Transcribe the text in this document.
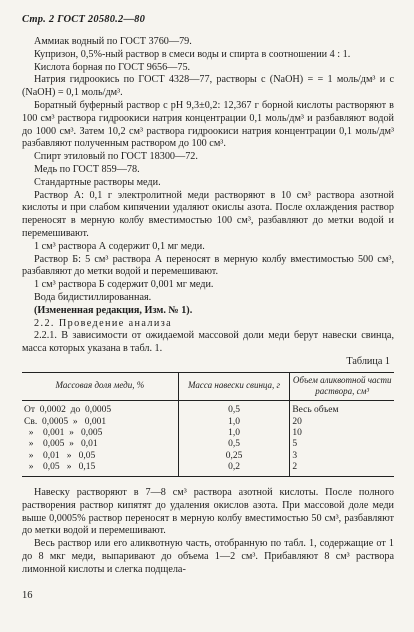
Стр. 2 ГОСТ 20580.2—80

Аммиак водный по ГОСТ 3760—79.

Купризон, 0,5%-ный раствор в смеси воды и спирта в соотношении 4 : 1.

Кислота борная по ГОСТ 9656—75.

Натрия гидроокись по ГОСТ 4328—77, растворы с (NaOH) = = 1 моль/дм³ и с (NaOH) = 0,1 моль/дм³.

Боратный буферный раствор с pH 9,3±0,2: 12,367 г борной кислоты растворяют в 100 см³ раствора гидроокиси натрия концентрации 0,1 моль/дм³ и разбавляют водой до 1000 см³. Затем 10,2 см³ раствора гидроокиси натрия концентрации 0,1 моль/дм³ разбавляют полученным раствором до 100 см³.

Спирт этиловый по ГОСТ 18300—72.

Медь по ГОСТ 859—78.

Стандартные растворы меди.

Раствор А: 0,1 г электролитной меди растворяют в 10 см³ раствора азотной кислоты и при слабом кипячении удаляют окислы азота. После охлаждения раствор переносят в мерную колбу вместимостью 100 см³, разбавляют до метки водой и перемешивают.

1 см³ раствора А содержит 0,1 мг меди.

Раствор Б: 5 см³ раствора А переносят в мерную колбу вместимостью 500 см³, разбавляют до метки водой и перемешивают.

1 см³ раствора Б содержит 0,001 мг меди.

Вода бидистиллированная.

(Измененная редакция, Изм. № 1).

2.2. Проведение анализа

2.2.1. В зависимости от ожидаемой массовой доли меди берут навески свинца, масса которых указана в табл. 1.

Таблица 1

Массовая доля меди, %	Масса навески свинца, г	Объем аликвотной части раствора, см³
От  0,0002  до  0,0005	0,5	Весь объем
Св.  0,0005  »   0,001	1,0	20
»    0,001  »   0,005	1,0	10
»    0,005  »   0,01	0,5	5
»    0,01   »   0,05	0,25	3
»    0,05   »   0,15	0,2	2

Навеску растворяют в 7—8 см³ раствора азотной кислоты. После полного растворения раствор кипятят до удаления окислов азота. При массовой доле меди выше 0,0005% раствор переносят в мерную колбу вместимостью 50 см³, разбавляют до метки водой и перемешивают.

Весь раствор или его аликвотную часть, отобранную по табл. 1, содержащие от 1 до 8 мкг меди, выпаривают до объема 1—2 см³. Прибавляют 8 см³ раствора лимонной кислоты и слегка подщела-

16
